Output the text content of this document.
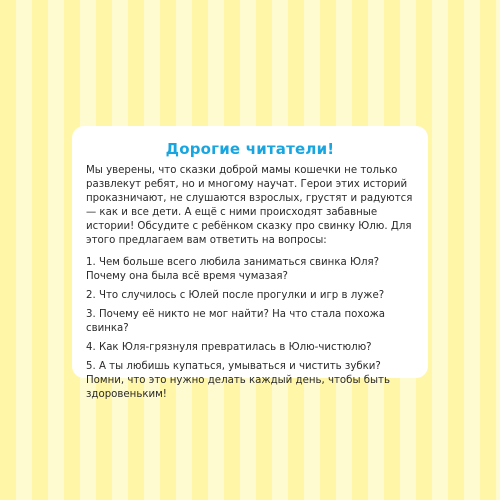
Дорогие читатели!

Мы уверены, что сказки доброй мамы кошечки не только развлекут ребят, но и многому научат. Герои этих историй проказничают, не слушаются взрослых, грустят и радуются — как и все дети. А ещё с ними происходят забавные истории! Обсудите с ребёнком сказку про свинку Юлю. Для этого предлагаем вам ответить на вопросы:

1. Чем больше всего любила заниматься свинка Юля? Почему она была всё время чумазая?
2. Что случилось с Юлей после прогулки и игр в луже?
3. Почему её никто не мог найти? На что стала похожа свинка?
4. Как Юля-грязнуля превратилась в Юлю-чистюлю?
5. А ты любишь купаться, умываться и чистить зубки? Помни, что это нужно делать каждый день, чтобы быть здоровеньким!
